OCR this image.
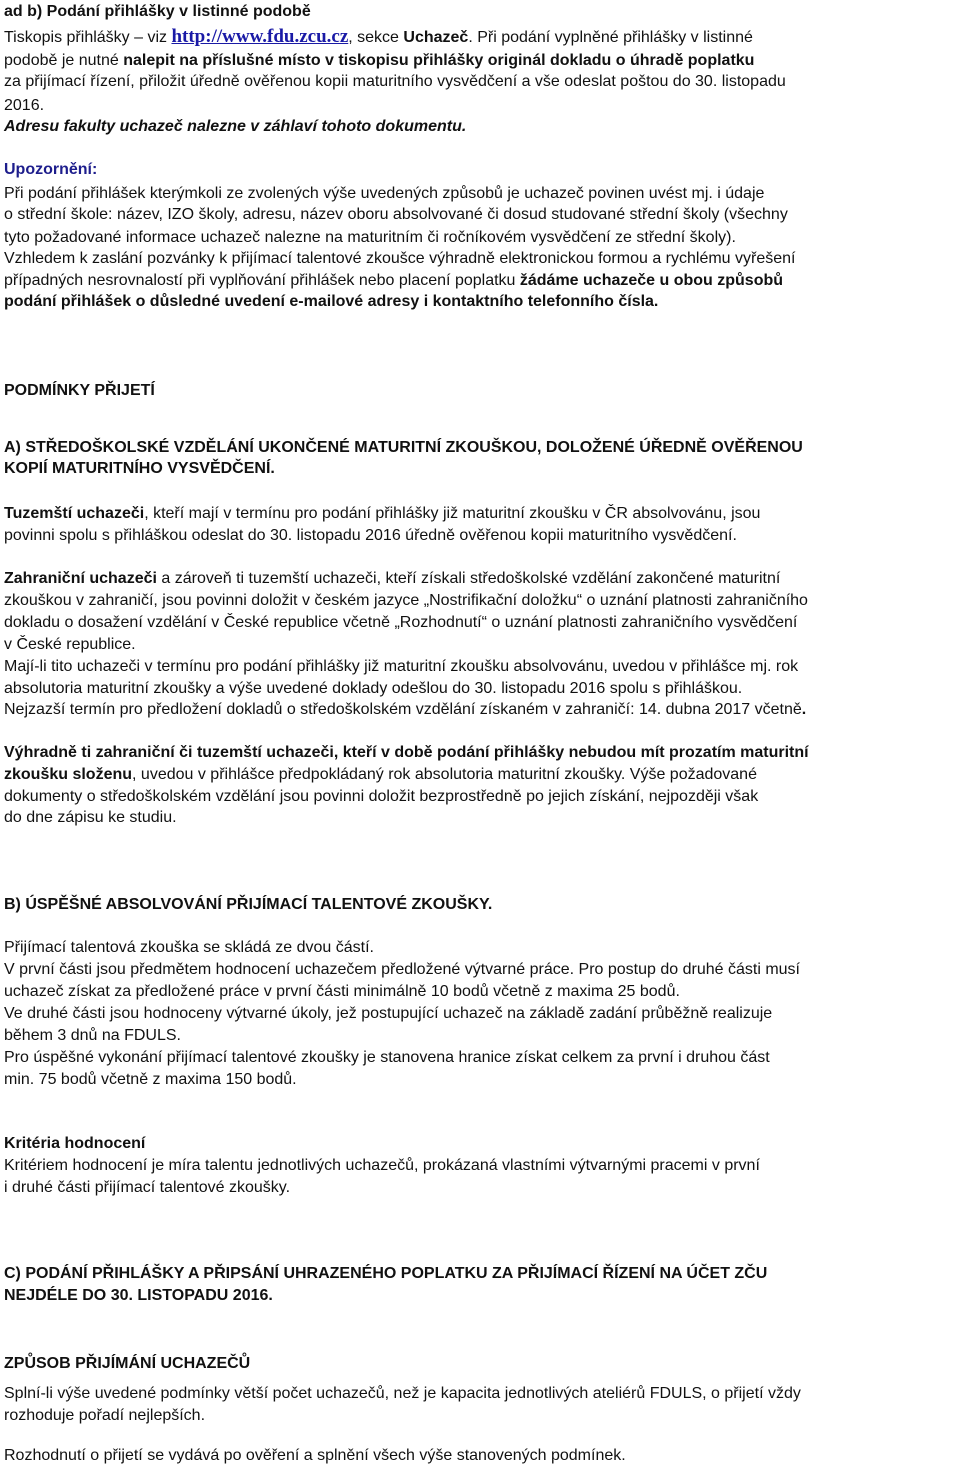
ad b) Podání přihlášky v listinné podobě
Tiskopis přihlášky – viz http://www.fdu.zcu.cz, sekce Uchazeč. Při podání vyplněné přihlášky v listinné
podobě je nutné nalepit na příslušné místo v tiskopisu přihlášky originál dokladu o úhradě poplatku
za přijímací řízení, přiložit úředně ověřenou kopii maturitního vysvědčení a vše odeslat poštou do 30. listopadu
2016.
Adresu fakulty uchazeč nalezne v záhlaví tohoto dokumentu.
Upozornění:
Při podání přihlášek kterýmkoli ze zvolených výše uvedených způsobů je uchazeč povinen uvést mj. i údaje
o střední škole: název, IZO školy, adresu, název oboru absolvované či dosud studované střední školy (všechny
tyto požadované informace uchazeč nalezne na maturitním či ročníkovém vysvědčení ze střední školy).
Vzhledem k zaslání pozvánky k přijímací talentové zkoušce výhradně elektronickou formou a rychlému vyřešení
případných nesrovnalostí při vyplňování přihlášek nebo placení poplatku žádáme uchazeče u obou způsobů
podání přihlášek o důsledné uvedení e-mailové adresy i kontaktního telefonního čísla.
PODMÍNKY PŘIJETÍ
A) STŘEDOŠKOLSKÉ VZDĚLÁNÍ UKONČENÉ MATURITNÍ ZKOUŠKOU, DOLOŽENÉ ÚŘEDNĚ OVĚŘENOU
KOPIÍ MATURITNÍHO VYSVĚDČENÍ.
Tuzemští uchazeči, kteří mají v termínu pro podání přihlášky již maturitní zkoušku v ČR absolvovánu, jsou
povinni spolu s přihláškou odeslat do 30. listopadu 2016 úředně ověřenou kopii maturitního vysvědčení.
Zahraniční uchazeči a zároveň ti tuzemští uchazeči, kteří získali středoškolské vzdělání zakončené maturitní
zkouškou v zahraničí, jsou povinni doložit v českém jazyce „Nostrifikační doložku“ o uznání platnosti zahraničního
dokladu o dosažení vzdělání v České republice včetně „Rozhodnutí“ o uznání platnosti zahraničního vysvědčení
v České republice.
Mají-li tito uchazeči v termínu pro podání přihlášky již maturitní zkoušku absolvovánu, uvedou v přihlášce mj. rok
absolutoria maturitní zkoušky a výše uvedené doklady odešlou do 30. listopadu 2016 spolu s přihláškou.
Nejzazší termín pro předložení dokladů o středoškolském vzdělání získaném v zahraničí: 14. dubna 2017 včetně.
Výhradně ti zahraniční či tuzemští uchazeči, kteří v době podání přihlášky nebudou mít prozatím maturitní
zkoušku složenu, uvedou v přihlášce předpokládaný rok absolutoria maturitní zkoušky. Výše požadované
dokumenty o středoškolském vzdělání jsou povinni doložit bezprostředně po jejich získání, nejpozději však
do dne zápisu ke studiu.
B) ÚSPĚŠNÉ ABSOLVOVÁNÍ PŘIJÍMACÍ TALENTOVÉ ZKOUŠKY.
Přijímací talentová zkouška se skládá ze dvou částí.
V první části jsou předmětem hodnocení uchazečem předložené výtvarné práce. Pro postup do druhé části musí
uchazeč získat za předložené práce v první části minimálně 10 bodů včetně z maxima 25 bodů.
Ve druhé části jsou hodnoceny výtvarné úkoly, jež postupující uchazeč na základě zadání průběžně realizuje
během 3 dnů na FDULS.
Pro úspěšné vykonání přijímací talentové zkoušky je stanovena hranice získat celkem za první i druhou část
min. 75 bodů včetně z maxima 150 bodů.
Kritéria hodnocení
Kritériem hodnocení je míra talentu jednotlivých uchazečů, prokázaná vlastními výtvarnými pracemi v první
i druhé části přijímací talentové zkoušky.
C) PODÁNÍ PŘIHLÁŠKY A PŘIPSÁNÍ UHRAZENÉHO POPLATKU ZA PŘIJÍMACÍ ŘÍZENÍ NA ÚČET ZČU
NEJDÉLE DO 30. LISTOPADU 2016.
ZPŮSOB PŘIJÍMÁNÍ UCHAZEČŮ
Splní-li výše uvedené podmínky větší počet uchazečů, než je kapacita jednotlivých ateliérů FDULS, o přijetí vždy
rozhoduje pořadí nejlepších.
Rozhodnutí o přijetí se vydává po ověření a splnění všech výše stanovených podmínek.
